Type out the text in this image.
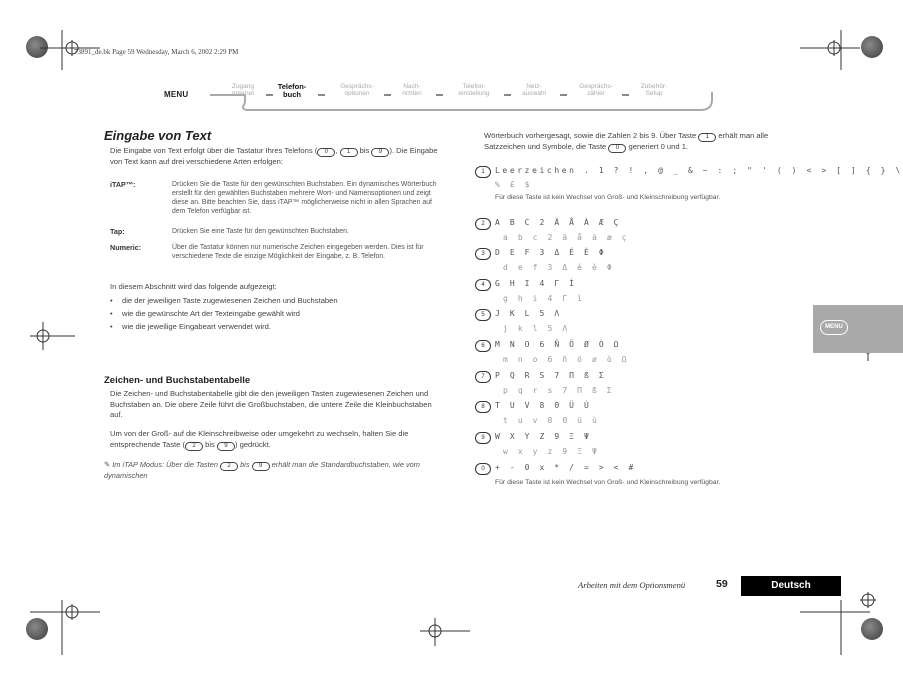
73891_de.bk Page 59 Wednesday, March 6, 2002 2:29 PM
MENU
Zugang
Internet
Telefon-
buch
Gesprächs-
optionen
Nach-
richten
Telefon-
einstellung
Netz-
auswahl
Gesprächs-
zähler
Zubehör-
Setup
Eingabe von Text
Die Eingabe von Text erfolgt über die Tastatur Ihres Telefons ( 0 , 1 bis 9 ). Die Eingabe von Text kann auf drei verschiedene Arten erfolgen:
iTAP™:	Drücken Sie die Taste für den gewünschten Buchstaben. Ein dynamisches Wörterbuch erstellt für den gewählten Buchstaben mehrere Wort- und Namensoptionen und zeigt diese an. Bitte beachten Sie, dass iTAP™ möglicherweise nicht in allen Sprachen auf dem Telefon verfügbar ist.
Tap:	Drücken Sie eine Taste für den gewünschten Buchstaben.
Numeric:	Über die Tastatur können nur numerische Zeichen eingegeben werden. Dies ist für verschiedene Texte die einzige Möglichkeit der Eingabe, z. B. Telefon.
In diesem Abschnitt wird das folgende aufgezeigt:
•	die der jeweiligen Taste zugewiesenen Zeichen und Buchstaben
•	wie die gewünschte Art der Texteingabe gewählt wird
•	wie die jeweilige Eingabeart verwendet wird.
Zeichen- und Buchstabentabelle
Die Zeichen- und Buchstabentabelle gibt die den jeweiligen Tasten zugewiesenen Zeichen und Buchstaben an. Die obere Zeile führt die Großbuchstaben, die untere Zeile die Kleinbuchstaben auf.
Um von der Groß- auf die Kleinschreibweise oder umgekehrt zu wechseln, halten Sie die entsprechende Taste ( 2 bis 9 ) gedrückt.
✎ Im iTAP Modus: Über die Tasten 2 bis 9 erhält man die Standardbuchstaben, wie vom dynamischen
Wörterbuch vorhergesagt, sowie die Zahlen 2 bis 9. Über Taste 1 erhält man alle Satzzeichen und Symbole, die Taste 0 generiert 0 und 1.
1	Leerzeichen . 1 ? ! , @ _ & ~ : ; " ' ( ) < > [ ] { } \
% £ $
Für diese Taste ist kein Wechsel von Groß- und Kleinschreibung verfügbar.
2	A B C 2 Ä Å À Æ Ç
a b c 2 ä å à æ ç
3	D E F 3 Δ É È Φ
d e f 3 Δ é è Φ
4	G H I 4 Γ Ì
g h i 4 Γ ì
5	J K L 5 Λ
j k l 5 Λ
6	M N O 6 Ñ Ö Ø Ò Ω
m n o 6 ñ ö ø ò Ω
7	P Q R S 7 Π ß Σ
p q r s 7 Π ß Σ
8	T U V 8 Θ Ü Ù
t u v 8 Θ ü ù
9	W X Y Z 9 Ξ Ψ
w x y z 9 Ξ Ψ
0	+ - 0 x * / = > < #
Für diese Taste ist kein Wechsel von Groß- und Kleinschreibung verfügbar.
MENU
Arbeiten mit dem Optionsmenü	59	Deutsch
